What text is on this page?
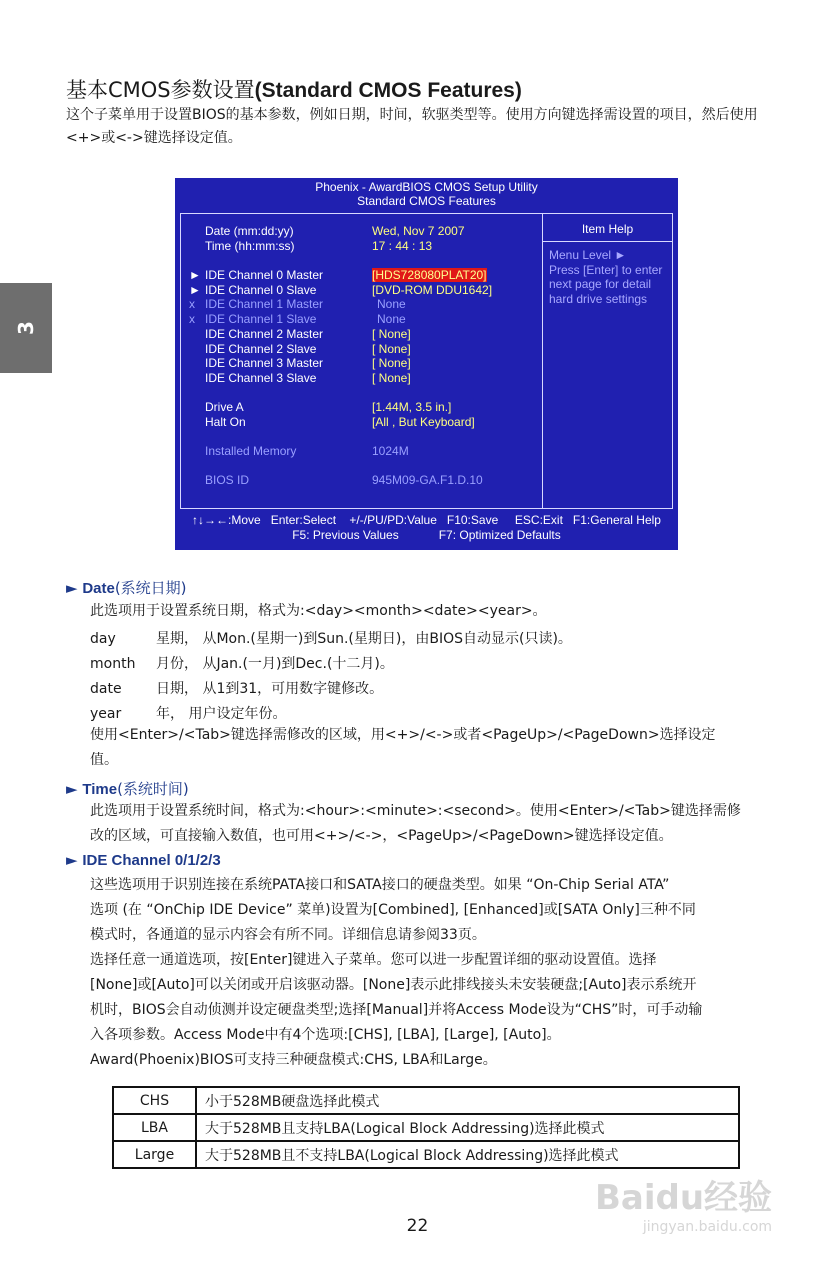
3
基本CMOS参数设置(Standard CMOS Features)
这个子菜单用于设置BIOS的基本参数，例如日期，时间，软驱类型等。使用方向键选择需设置的项目，然后使用<+>或<->键选择设定值。
Phoenix - AwardBIOS CMOS Setup Utility
Standard CMOS Features
Date (mm:dd:yy)	Wed, Nov 7 2007
Time (hh:mm:ss)	17 : 44 : 13
► IDE Channel 0 Master	[HDS728080PLAT20]
► IDE Channel 0 Slave	[DVD-ROM DDU1642]
x IDE Channel 1 Master	None
x IDE Channel 1 Slave	None
IDE Channel 2 Master	[ None]
IDE Channel 2 Slave	[ None]
IDE Channel 3 Master	[ None]
IDE Channel 3 Slave	[ None]
Drive A	[1.44M, 3.5 in.]
Halt On	[All , But Keyboard]
Installed Memory	1024M
BIOS ID	945M09-GA.F1.D.10
Item Help
Menu Level ►
Press [Enter] to enter
next page for detail
hard drive settings
↑↓→←:Move   Enter:Select    +/-/PU/PD:Value   F10:Save     ESC:Exit   F1:General Help
F5: Previous Values            F7: Optimized Defaults
► Date(系统日期)
此选项用于设置系统日期，格式为:<day><month><date><year>。
day	星期， 从Mon.(星期一)到Sun.(星期日)，由BIOS自动显示(只读)。
month 月份， 从Jan.(一月)到Dec.(十二月)。
date 日期， 从1到31，可用数字键修改。
year 年， 用户设定年份。
使用<Enter>/<Tab>键选择需修改的区域，用<+>/<->或者<PageUp>/<PageDown>选择设定
值。
► Time(系统时间)
此选项用于设置系统时间，格式为:<hour>:<minute>:<second>。使用<Enter>/<Tab>键选择需修
改的区域，可直接输入数值，也可用<+>/<->，<PageUp>/<PageDown>键选择设定值。
► IDE Channel 0/1/2/3
这些选项用于识别连接在系统PATA接口和SATA接口的硬盘类型。如果 “On-Chip Serial ATA”
选项 (在 “OnChip IDE Device” 菜单)设置为[Combined], [Enhanced]或[SATA Only]三种不同
模式时，各通道的显示内容会有所不同。详细信息请参阅33页。
选择任意一通道选项，按[Enter]键进入子菜单。您可以进一步配置详细的驱动设置值。选择
[None]或[Auto]可以关闭或开启该驱动器。[None]表示此排线接头未安装硬盘;[Auto]表示系统开
机时，BIOS会自动侦测并设定硬盘类型;选择[Manual]并将Access Mode设为“CHS”时，可手动输
入各项参数。Access Mode中有4个选项:[CHS], [LBA], [Large], [Auto]。
Award(Phoenix)BIOS可支持三种硬盘模式:CHS, LBA和Large。
CHS	小于528MB硬盘选择此模式
LBA	大于528MB且支持LBA(Logical Block Addressing)选择此模式
Large	大于528MB且不支持LBA(Logical Block Addressing)选择此模式
22
Baidu经验
jingyan.baidu.com
